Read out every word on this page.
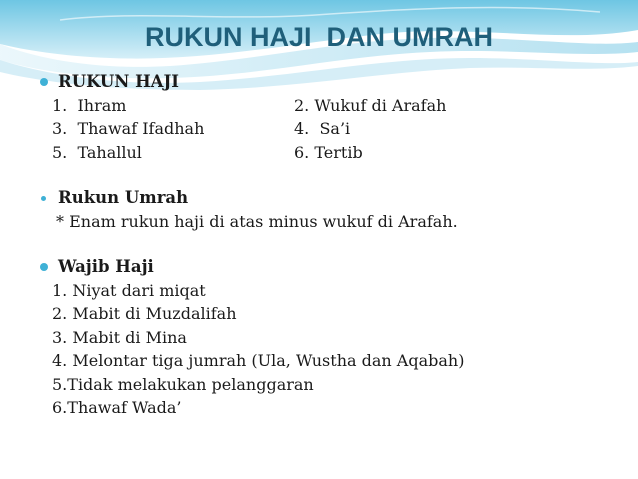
RUKUN HAJI  DAN UMRAH
RUKUN HAJI
1.  Ihram	2. Wukuf di Arafah
3.  Thawaf Ifadhah	4.  Sa’i
5.  Tahallul	6. Tertib
Rukun Umrah
* Enam rukun haji di atas minus wukuf di Arafah.
Wajib Haji
1. Niyat dari miqat
2. Mabit di Muzdalifah
3. Mabit di Mina
4. Melontar tiga jumrah (Ula, Wustha dan Aqabah)
5.Tidak melakukan pelanggaran
6.Thawaf Wada’
